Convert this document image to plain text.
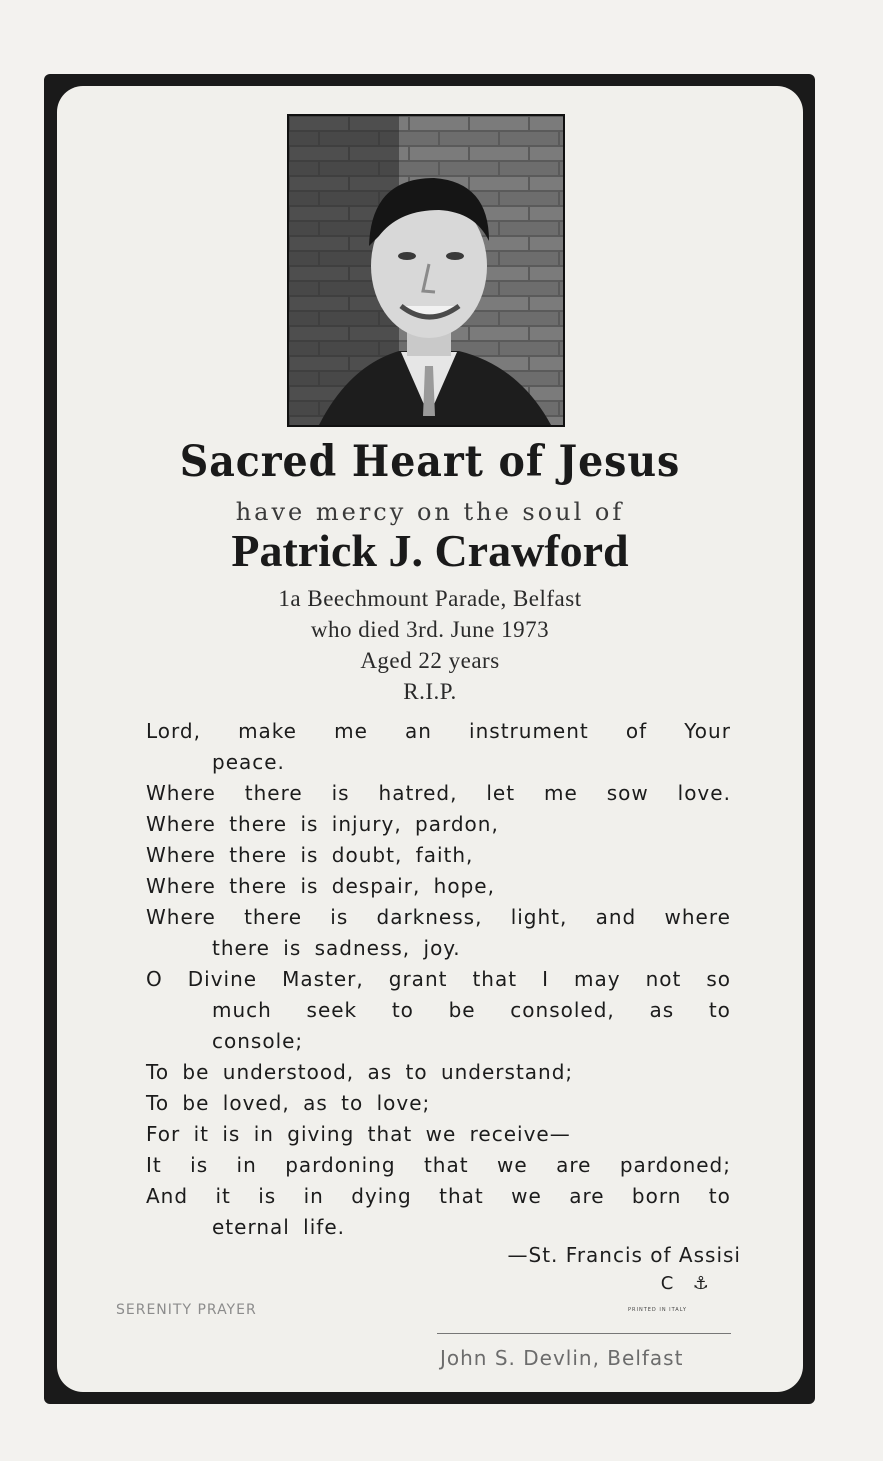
Sacred Heart of Jesus
have mercy on the soul of
Patrick J. Crawford
1a Beechmount Parade, Belfast
who died 3rd. June 1973
Aged 22 years
R.I.P.
Lord, make me an instrument of Your
peace.
Where there is hatred, let me sow love.
Where there is injury, pardon,
Where there is doubt, faith,
Where there is despair, hope,
Where there is darkness, light, and where
there is sadness, joy.
O Divine Master, grant that I may not so
much seek to be consoled, as to
console;
To be understood, as to understand;
To be loved, as to love;
For it is in giving that we receive—
It is in pardoning that we are pardoned;
And it is in dying that we are born to
eternal life.
—St. Francis of Assisi
C ⚓
PRINTED IN ITALY
SERENITY PRAYER
John S. Devlin, Belfast
